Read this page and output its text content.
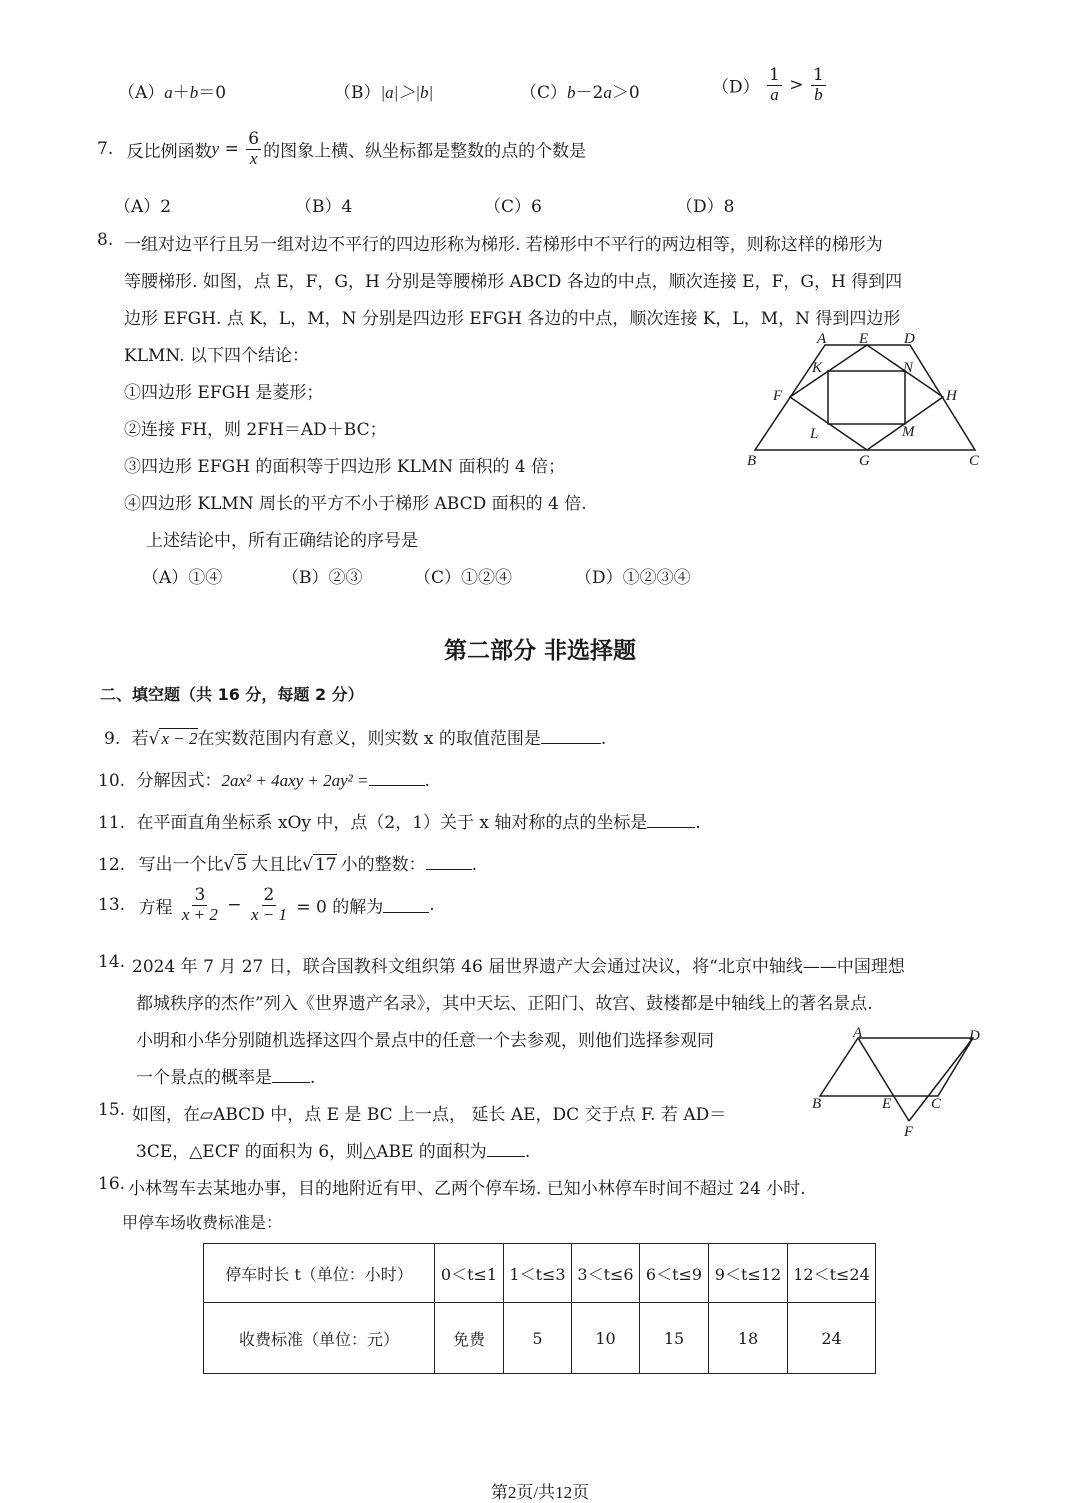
（A）a＋b＝0	（B）|a|＞|b|	（C）b－2a＞0	$(D) \frac{1}{a} > \frac{1}{b}$
7. 反比例函数$y = \frac{6}{x}$ 的图象上横、纵坐标都是整数的点的个数是
（A）2	（B）4	（C）6	（D）8
8. 一组对边平行且另一组对边不平行的四边形称为梯形. 若梯形中不平行的两边相等，则称这样的梯形为
等腰梯形. 如图，点 E，F，G，H 分别是等腰梯形 ABCD 各边的中点，顺次连接 E，F，G，H 得到四
边形 EFGH. 点 K，L，M，N 分别是四边形 EFGH 各边的中点，顺次连接 K，L，M，N 得到四边形
KLMN. 以下四个结论：
①四边形 EFGH 是菱形；
②连接 FH，则 2FH＝AD＋BC；
③四边形 EFGH 的面积等于四边形 KLMN 面积的 4 倍；
④四边形 KLMN 周长的平方不小于梯形 ABCD 面积的 4 倍.
上述结论中，所有正确结论的序号是
（A）①④	（B）②③	（C）①②④	（D）①②③④
A E D
K	N
F	H
L	M
B	G	C
第二部分 非选择题
二、填空题（共 16 分，每题 2 分）
9. 若√ x − 2在实数范围内有意义，则实数 x 的取值范围是	.
10. 分解因式：2ax² + 4axy + 2ay² =	.
11. 在平面直角坐标系 xOy 中，点（2，1）关于 x 轴对称的点的坐标是	.
12. 写出一个比√ 5 大且比√ 17 小的整数：	.
13. 方程 $\frac{3}{x + 2} - \frac{2}{x - 1} = 0$ 的解为	.
14. 2024 年 7 月 27 日，联合国教科文组织第 46 届世界遗产大会通过决议，将“北京中轴线——中国理想
都城秩序的杰作”列入《世界遗产名录》，其中天坛、正阳门、故宫、鼓楼都是中轴线上的著名景点.
小明和小华分别随机选择这四个景点中的任意一个去参观，则他们选择参观同
一个景点的概率是 .
15. 如图，在▱ABCD 中，点 E 是 BC 上一点， 延长 AE，DC 交于点 F. 若 AD＝
3CE，△ECF 的面积为 6，则△ABE 的面积为 .
A	D
B	E	C
F
16. 小林驾车去某地办事，目的地附近有甲、乙两个停车场. 已知小林停车时间不超过 24 小时.
甲停车场收费标准是：
停车时长 t（单位：小时）	0＜t≤1	1＜t≤3	3＜t≤6	6＜t≤9	9＜t≤12	12＜t≤24
收费标准（单位：元）	免费	5	10	15	18	24
第2页/共12页
